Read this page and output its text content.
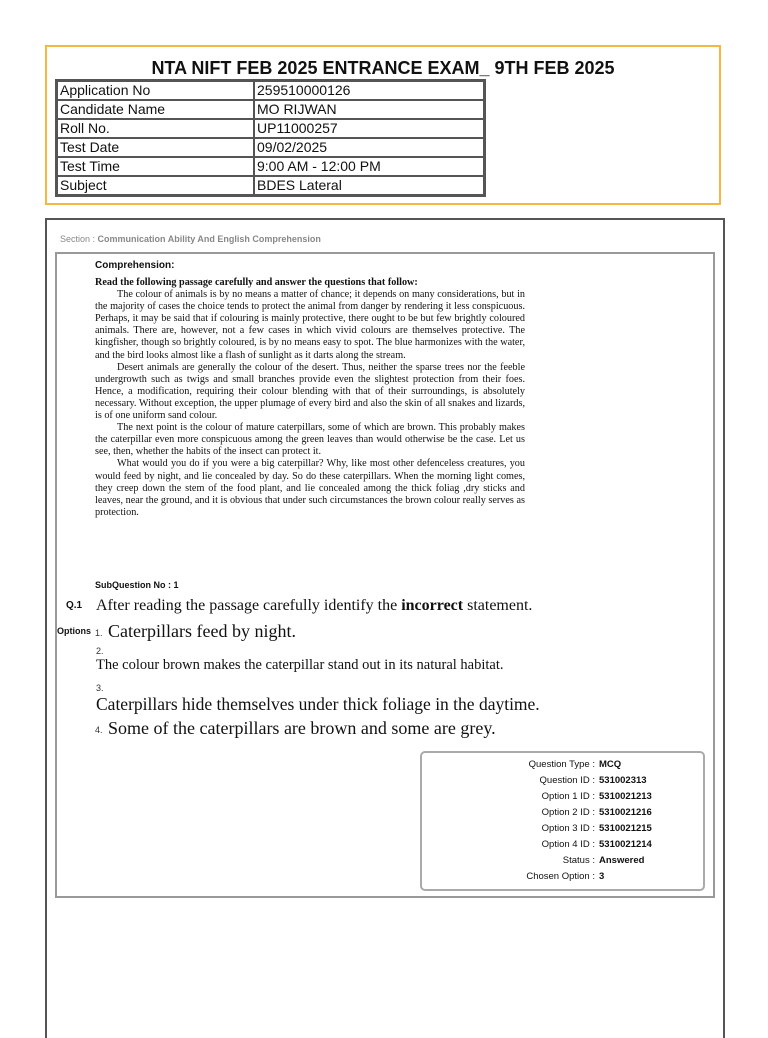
NTA NIFT FEB 2025 ENTRANCE EXAM_ 9TH FEB 2025
Application No	259510000126
Candidate Name	MO RIJWAN
Roll No.	UP11000257
Test Date	09/02/2025
Test Time	9:00 AM - 12:00 PM
Subject	BDES Lateral
Section : Communication Ability And English Comprehension
Comprehension:
Read the following passage carefully and answer the questions that follow:

The colour of animals is by no means a matter of chance; it depends on many considerations, but in the majority of cases the choice tends to protect the animal from danger by rendering it less conspicuous. Perhaps, it may be said that if colouring is mainly protective, there ought to be but few brightly coloured animals. There are, however, not a few cases in which vivid colours are themselves protective. The kingfisher, though so brightly coloured, is by no means easy to spot. The blue harmonizes with the water, and the bird looks almost like a flash of sunlight as it darts along the stream.

Desert animals are generally the colour of the desert. Thus, neither the sparse trees nor the feeble undergrowth such as twigs and small branches provide even the slightest protection from their foes. Hence, a modification, requiring their colour blending with that of their surroundings, is absolutely necessary. Without exception, the upper plumage of every bird and also the skin of all snakes and lizards, is of one uniform sand colour.

The next point is the colour of mature caterpillars, some of which are brown. This probably makes the caterpillar even more conspicuous among the green leaves than would otherwise be the case. Let us see, then, whether the habits of the insect can protect it.

What would you do if you were a big caterpillar? Why, like most other defenceless creatures, you would feed by night, and lie concealed by day. So do these caterpillars. When the morning light comes, they creep down the stem of the food plant, and lie concealed among the thick foliag ,dry sticks and leaves, near the ground, and it is obvious that under such circumstances the brown colour really serves as protection.

SubQuestion No : 1
Q.1 After reading the passage carefully identify the incorrect statement.
Options 1. Caterpillars feed by night.
2.
The colour brown makes the caterpillar stand out in its natural habitat.
3.
Caterpillars hide themselves under thick foliage in the daytime.
4. Some of the caterpillars are brown and some are grey.
Question Type : MCQ
Question ID : 531002313
Option 1 ID : 5310021213
Option 2 ID : 5310021216
Option 3 ID : 5310021215
Option 4 ID : 5310021214
Status : Answered
Chosen Option : 3
